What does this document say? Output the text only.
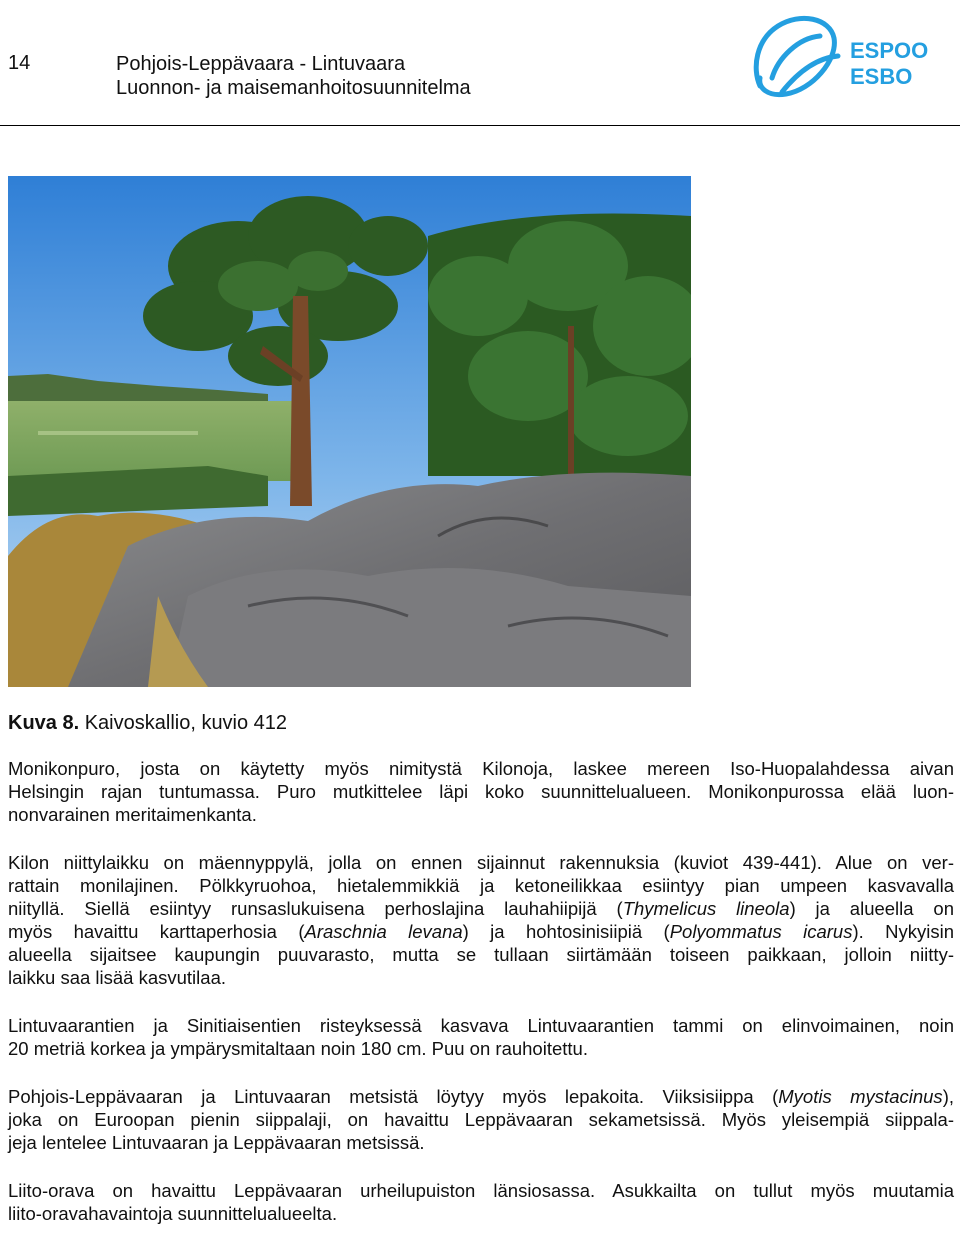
14	Pohjois-Leppävaara - Lintuvaara
Luonnon- ja maisemanhoitosuunnitelma
ESPOO
ESBO
Kuva 8. Kaivoskallio, kuvio 412

Monikonpuro, josta on käytetty myös nimitystä Kilonoja, laskee mereen Iso-Huopalahdessa aivan
Helsingin rajan tuntumassa. Puro mutkittelee läpi koko suunnittelualueen. Monikonpurossa elää luon-
nonvarainen meritaimenkanta.

Kilon niittylaikku on mäennyppylä, jolla on ennen sijainnut rakennuksia (kuviot 439-441). Alue on ver-
rattain monilajinen. Pölkkyruohoa, hietalemmikkiä ja ketoneilikkaa esiintyy pian umpeen kasvavalla
niityllä. Siellä esiintyy runsaslukuisena perhoslajina lauhahiipijä (Thymelicus lineola) ja alueella on
myös havaittu karttaperhosia (Araschnia levana) ja hohtosinisiipiä (Polyommatus icarus). Nykyisin
alueella sijaitsee kaupungin puuvarasto, mutta se tullaan siirtämään toiseen paikkaan, jolloin niitty-
laikku saa lisää kasvutilaa.

Lintuvaarantien ja Sinitiaisentien risteyksessä kasvava Lintuvaarantien tammi on elinvoimainen, noin
20 metriä korkea ja ympärysmitaltaan noin 180 cm. Puu on rauhoitettu.

Pohjois-Leppävaaran ja Lintuvaaran metsistä löytyy myös lepakoita. Viiksisiippa (Myotis mystacinus),
joka on Euroopan pienin siippalaji, on havaittu Leppävaaran sekametsissä. Myös yleisempiä siippala-
jeja lentelee Lintuvaaran ja Leppävaaran metsissä.

Liito-orava on havaittu Leppävaaran urheilupuiston länsiosassa. Asukkailta on tullut myös muutamia
liito-oravahavaintoja suunnittelualueelta.
